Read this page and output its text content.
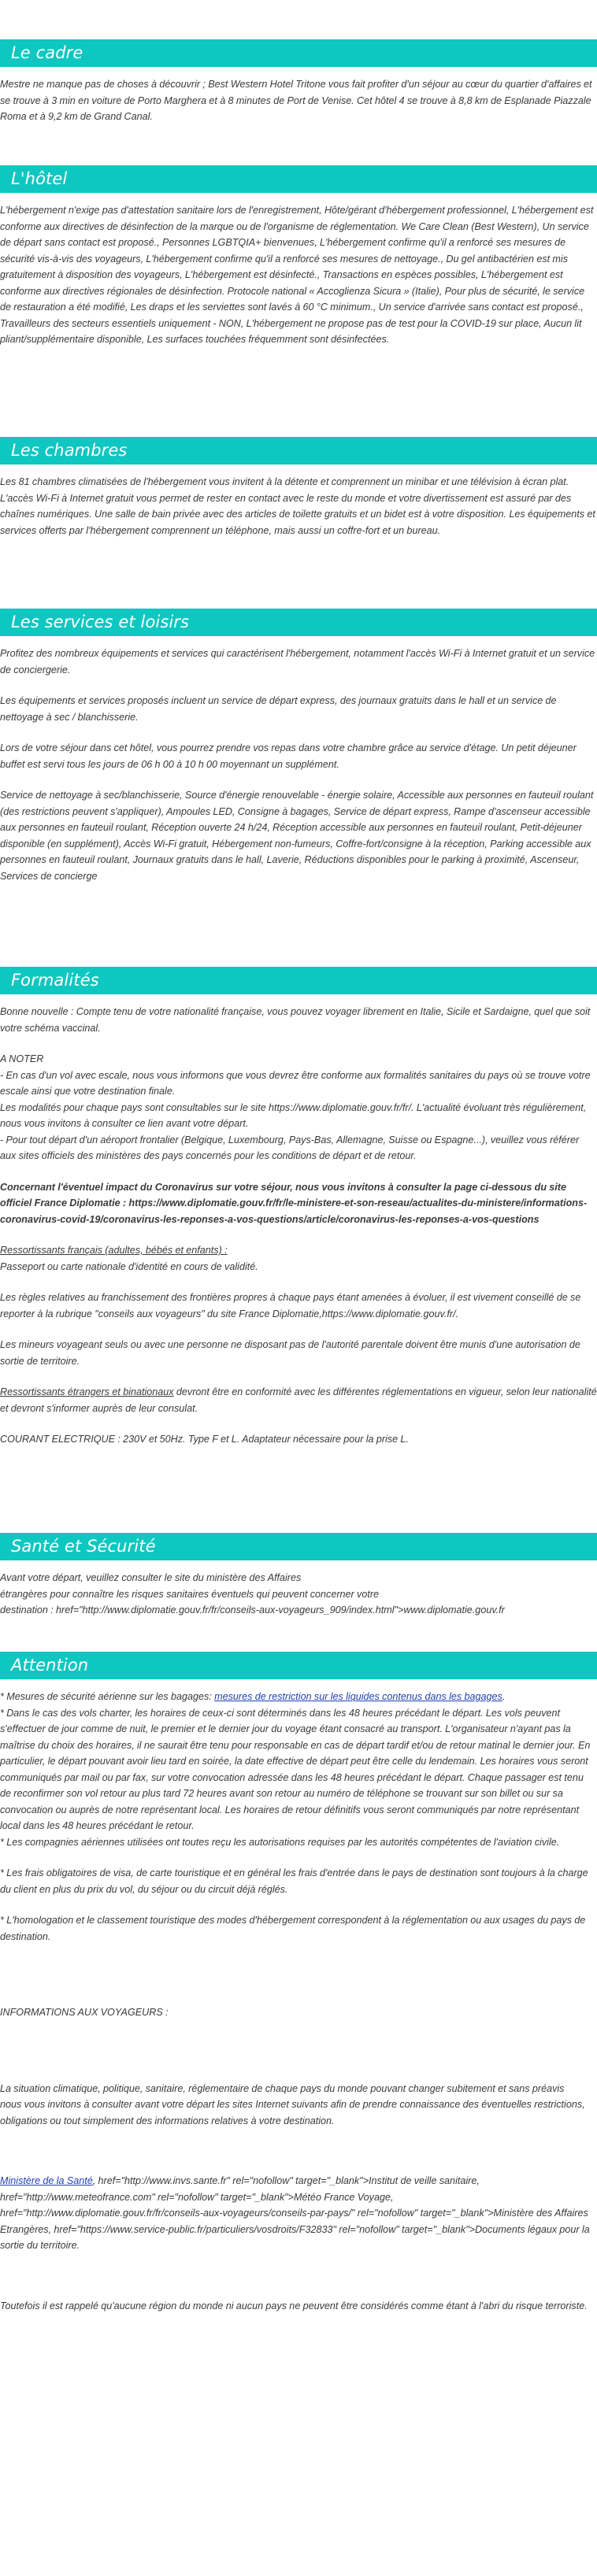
Le cadre

Mestre ne manque pas de choses à découvrir ; Best Western Hotel Tritone vous fait profiter d'un séjour au cœur du quartier d'affaires et se trouve à 3 min en voiture de Porto Marghera et à 8 minutes de Port de Venise. Cet hôtel 4 se trouve à 8,8 km de Esplanade Piazzale Roma et à 9,2 km de Grand Canal.

L'hôtel

L'hébergement n'exige pas d'attestation sanitaire lors de l'enregistrement, Hôte/gérant d'hébergement professionnel, L'hébergement est conforme aux directives de désinfection de la marque ou de l'organisme de réglementation. We Care Clean (Best Western), Un service de départ sans contact est proposé., Personnes LGBTQIA+ bienvenues, L'hébergement confirme qu'il a renforcé ses mesures de sécurité vis-à-vis des voyageurs, L'hébergement confirme qu'il a renforcé ses mesures de nettoyage., Du gel antibactérien est mis gratuitement à disposition des voyageurs, L'hébergement est désinfecté., Transactions en espèces possibles, L'hébergement est conforme aux directives régionales de désinfection. Protocole national « Accoglienza Sicura » (Italie), Pour plus de sécurité, le service de restauration a été modifié, Les draps et les serviettes sont lavés à 60 °C minimum., Un service d'arrivée sans contact est proposé., Travailleurs des secteurs essentiels uniquement - NON, L'hébergement ne propose pas de test pour la COVID-19 sur place, Aucun lit pliant/supplémentaire disponible, Les surfaces touchées fréquemment sont désinfectées.

Les chambres

Les 81 chambres climatisées de l'hébergement vous invitent à la détente et comprennent un minibar et une télévision à écran plat. L'accès Wi-Fi à Internet gratuit vous permet de rester en contact avec le reste du monde et votre divertissement est assuré par des chaînes numériques. Une salle de bain privée avec des articles de toilette gratuits et un bidet est à votre disposition. Les équipements et services offerts par l'hébergement comprennent un téléphone, mais aussi un coffre-fort et un bureau.

Les services et loisirs

Profitez des nombreux équipements et services qui caractérisent l'hébergement, notamment l'accès Wi-Fi à Internet gratuit et un service de conciergerie.

Les équipements et services proposés incluent un service de départ express, des journaux gratuits dans le hall et un service de nettoyage à sec / blanchisserie.

Lors de votre séjour dans cet hôtel, vous pourrez prendre vos repas dans votre chambre grâce au service d'étage. Un petit déjeuner buffet est servi tous les jours de 06 h 00 à 10 h 00 moyennant un supplément.

Service de nettoyage à sec/blanchisserie, Source d'énergie renouvelable - énergie solaire, Accessible aux personnes en fauteuil roulant (des restrictions peuvent s'appliquer), Ampoules LED, Consigne à bagages, Service de départ express, Rampe d'ascenseur accessible aux personnes en fauteuil roulant, Réception ouverte 24 h/24, Réception accessible aux personnes en fauteuil roulant, Petit-déjeuner disponible (en supplément), Accès Wi-Fi gratuit, Hébergement non-fumeurs, Coffre-fort/consigne à la réception, Parking accessible aux personnes en fauteuil roulant, Journaux gratuits dans le hall, Laverie, Réductions disponibles pour le parking à proximité, Ascenseur, Services de concierge

Formalités

Bonne nouvelle : Compte tenu de votre nationalité française, vous pouvez voyager librement en Italie, Sicile et Sardaigne, quel que soit votre schéma vaccinal.

A NOTER

- En cas d'un vol avec escale, nous vous informons que vous devrez être conforme aux formalités sanitaires du pays où se trouve votre escale ainsi que votre destination finale.

Les modalités pour chaque pays sont consultables sur le site https://www.diplomatie.gouv.fr/fr/. L'actualité évoluant très régulièrement, nous vous invitons à consulter ce lien avant votre départ.

- Pour tout départ d'un aéroport frontalier (Belgique, Luxembourg, Pays-Bas, Allemagne, Suisse ou Espagne...), veuillez vous référer aux sites officiels des ministères des pays concernés pour les conditions de départ et de retour.

Concernant l'éventuel impact du Coronavirus sur votre séjour, nous vous invitons à consulter la page ci-dessous du site officiel France Diplomatie : https://www.diplomatie.gouv.fr/fr/le-ministere-et-son-reseau/actualites-du-ministere/informations-coronavirus-covid-19/coronavirus-les-reponses-a-vos-questions/article/coronavirus-les-reponses-a-vos-questions

Ressortissants français (adultes, bébés et enfants) :

Passeport ou carte nationale d'identité en cours de validité.

Les règles relatives au franchissement des frontières propres à chaque pays étant amenées à évoluer, il est vivement conseillé de se reporter à la rubrique "conseils aux voyageurs" du site France Diplomatie,https://www.diplomatie.gouv.fr/.

Les mineurs voyageant seuls ou avec une personne ne disposant pas de l'autorité parentale doivent être munis d'une autorisation de sortie de territoire.

Ressortissants étrangers et binationaux devront être en conformité avec les différentes réglementations en vigueur, selon leur nationalité et devront s'informer auprès de leur consulat.

COURANT ELECTRIQUE : 230V et 50Hz. Type F et L. Adaptateur nécessaire pour la prise L.

Santé et Sécurité

Avant votre départ, veuillez consulter le site du ministère des Affaires

étrangères pour connaître les risques sanitaires éventuels qui peuvent concerner votre

destination : href="http://www.diplomatie.gouv.fr/fr/conseils-aux-voyageurs_909/index.html">www.diplomatie.gouv.fr

Attention

* Mesures de sécurité aérienne sur les bagages: mesures de restriction sur les liquides contenus dans les bagages.

* Dans le cas des vols charter, les horaires de ceux-ci sont déterminés dans les 48 heures précédant le départ. Les vols peuvent s'effectuer de jour comme de nuit, le premier et le dernier jour du voyage étant consacré au transport. L'organisateur n'ayant pas la maîtrise du choix des horaires, il ne saurait être tenu pour responsable en cas de départ tardif et/ou de retour matinal le dernier jour. En particulier, le départ pouvant avoir lieu tard en soirée, la date effective de départ peut être celle du lendemain. Les horaires vous seront communiqués par mail ou par fax, sur votre convocation adressée dans les 48 heures précédant le départ. Chaque passager est tenu de reconfirmer son vol retour au plus tard 72 heures avant son retour au numéro de téléphone se trouvant sur son billet ou sur sa convocation ou auprès de notre représentant local. Les horaires de retour définitifs vous seront communiqués par notre représentant local dans les 48 heures précédant le retour.

* Les compagnies aériennes utilisées ont toutes reçu les autorisations requises par les autorités compétentes de l'aviation civile.

* Les frais obligatoires de visa, de carte touristique et en général les frais d'entrée dans le pays de destination sont toujours à la charge du client en plus du prix du vol, du séjour ou du circuit déjà réglés.

* L'homologation et le classement touristique des modes d'hébergement correspondent à la réglementation ou aux usages du pays de destination.

INFORMATIONS AUX VOYAGEURS :

La situation climatique, politique, sanitaire, réglementaire de chaque pays du monde pouvant changer subitement et sans préavis

nous vous invitons à consulter avant votre départ les sites Internet suivants afin de prendre connaissance des éventuelles restrictions, obligations ou tout simplement des informations relatives à votre destination.

Ministère de la Santé, href="http://www.invs.sante.fr" rel="nofollow" target="_blank">Institut de veille sanitaire, href="http://www.meteofrance.com" rel="nofollow" target="_blank">Météo France Voyage, href="http://www.diplomatie.gouv.fr/fr/conseils-aux-voyageurs/conseils-par-pays/" rel="nofollow" target="_blank">Ministère des Affaires Etrangères, href="https://www.service-public.fr/particuliers/vosdroits/F32833" rel="nofollow" target="_blank">Documents légaux pour la sortie du territoire.

Toutefois il est rappelé qu'aucune région du monde ni aucun pays ne peuvent être considérés comme étant à l'abri du risque terroriste.
